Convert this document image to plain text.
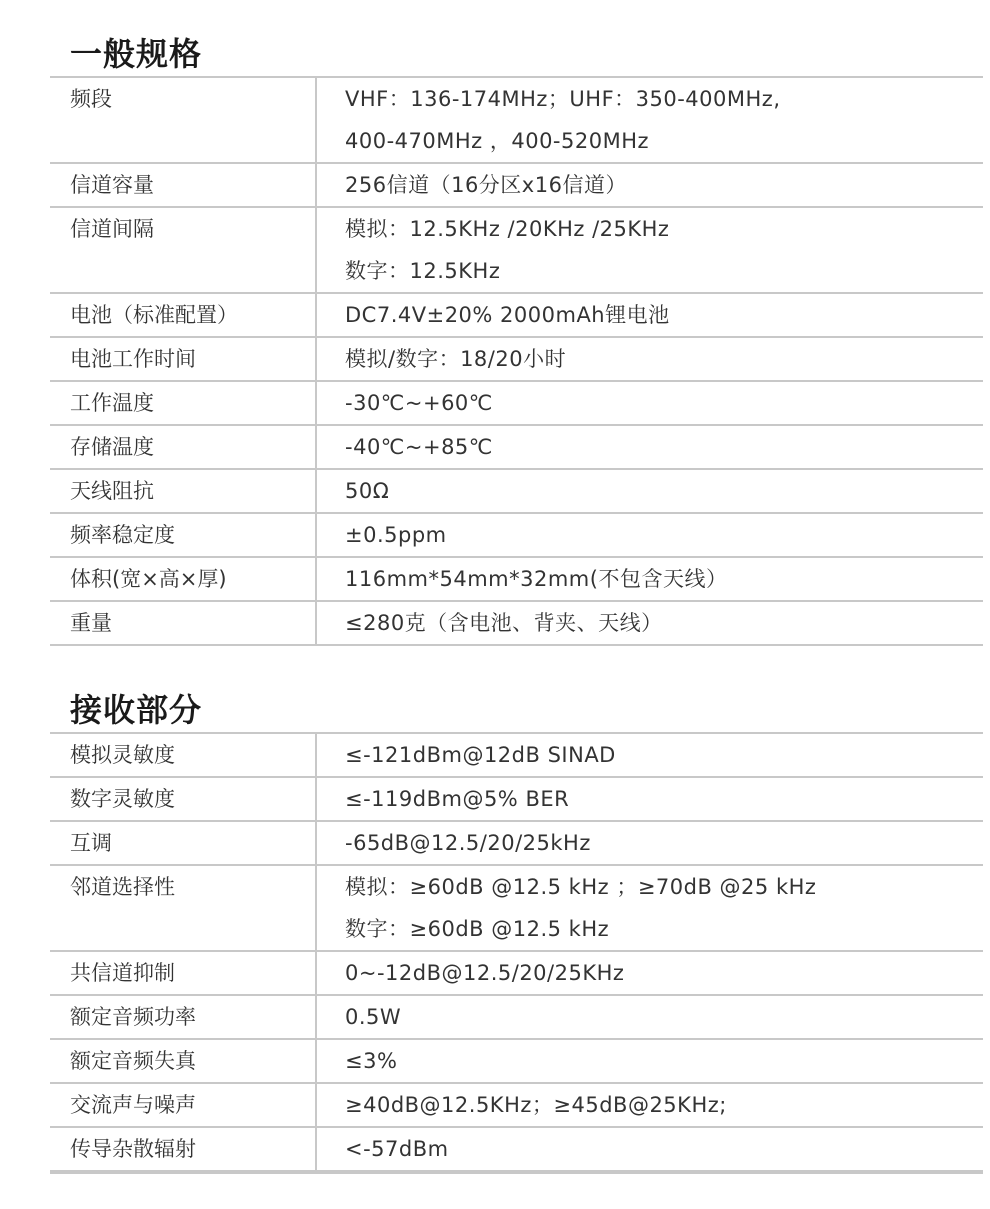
一般规格
频段	VHF：136-174MHz；UHF：350-400MHz,
400-470MHz ，400-520MHz
信道容量	256信道（16分区x16信道）
信道间隔	模拟：12.5KHz /20KHz /25KHz
数字：12.5KHz
电池（标准配置）	DC7.4V±20% 2000mAh锂电池
电池工作时间	模拟/数字：18/20小时
工作温度	-30℃~+60℃
存储温度	-40℃~+85℃
天线阻抗	50Ω
频率稳定度	±0.5ppm
体积(宽×高×厚)	116mm*54mm*32mm(不包含天线）
重量	≤280克（含电池、背夹、天线）
接收部分
模拟灵敏度	≤-121dBm@12dB SINAD
数字灵敏度	≤-119dBm@5% BER
互调	-65dB@12.5/20/25kHz
邻道选择性	模拟：≥60dB @12.5 kHz ；≥70dB @25 kHz
数字：≥60dB @12.5 kHz
共信道抑制	0~-12dB@12.5/20/25KHz
额定音频功率	0.5W
额定音频失真	≤3%
交流声与噪声	≥40dB@12.5KHz；≥45dB@25KHz;
传导杂散辐射	<-57dBm
